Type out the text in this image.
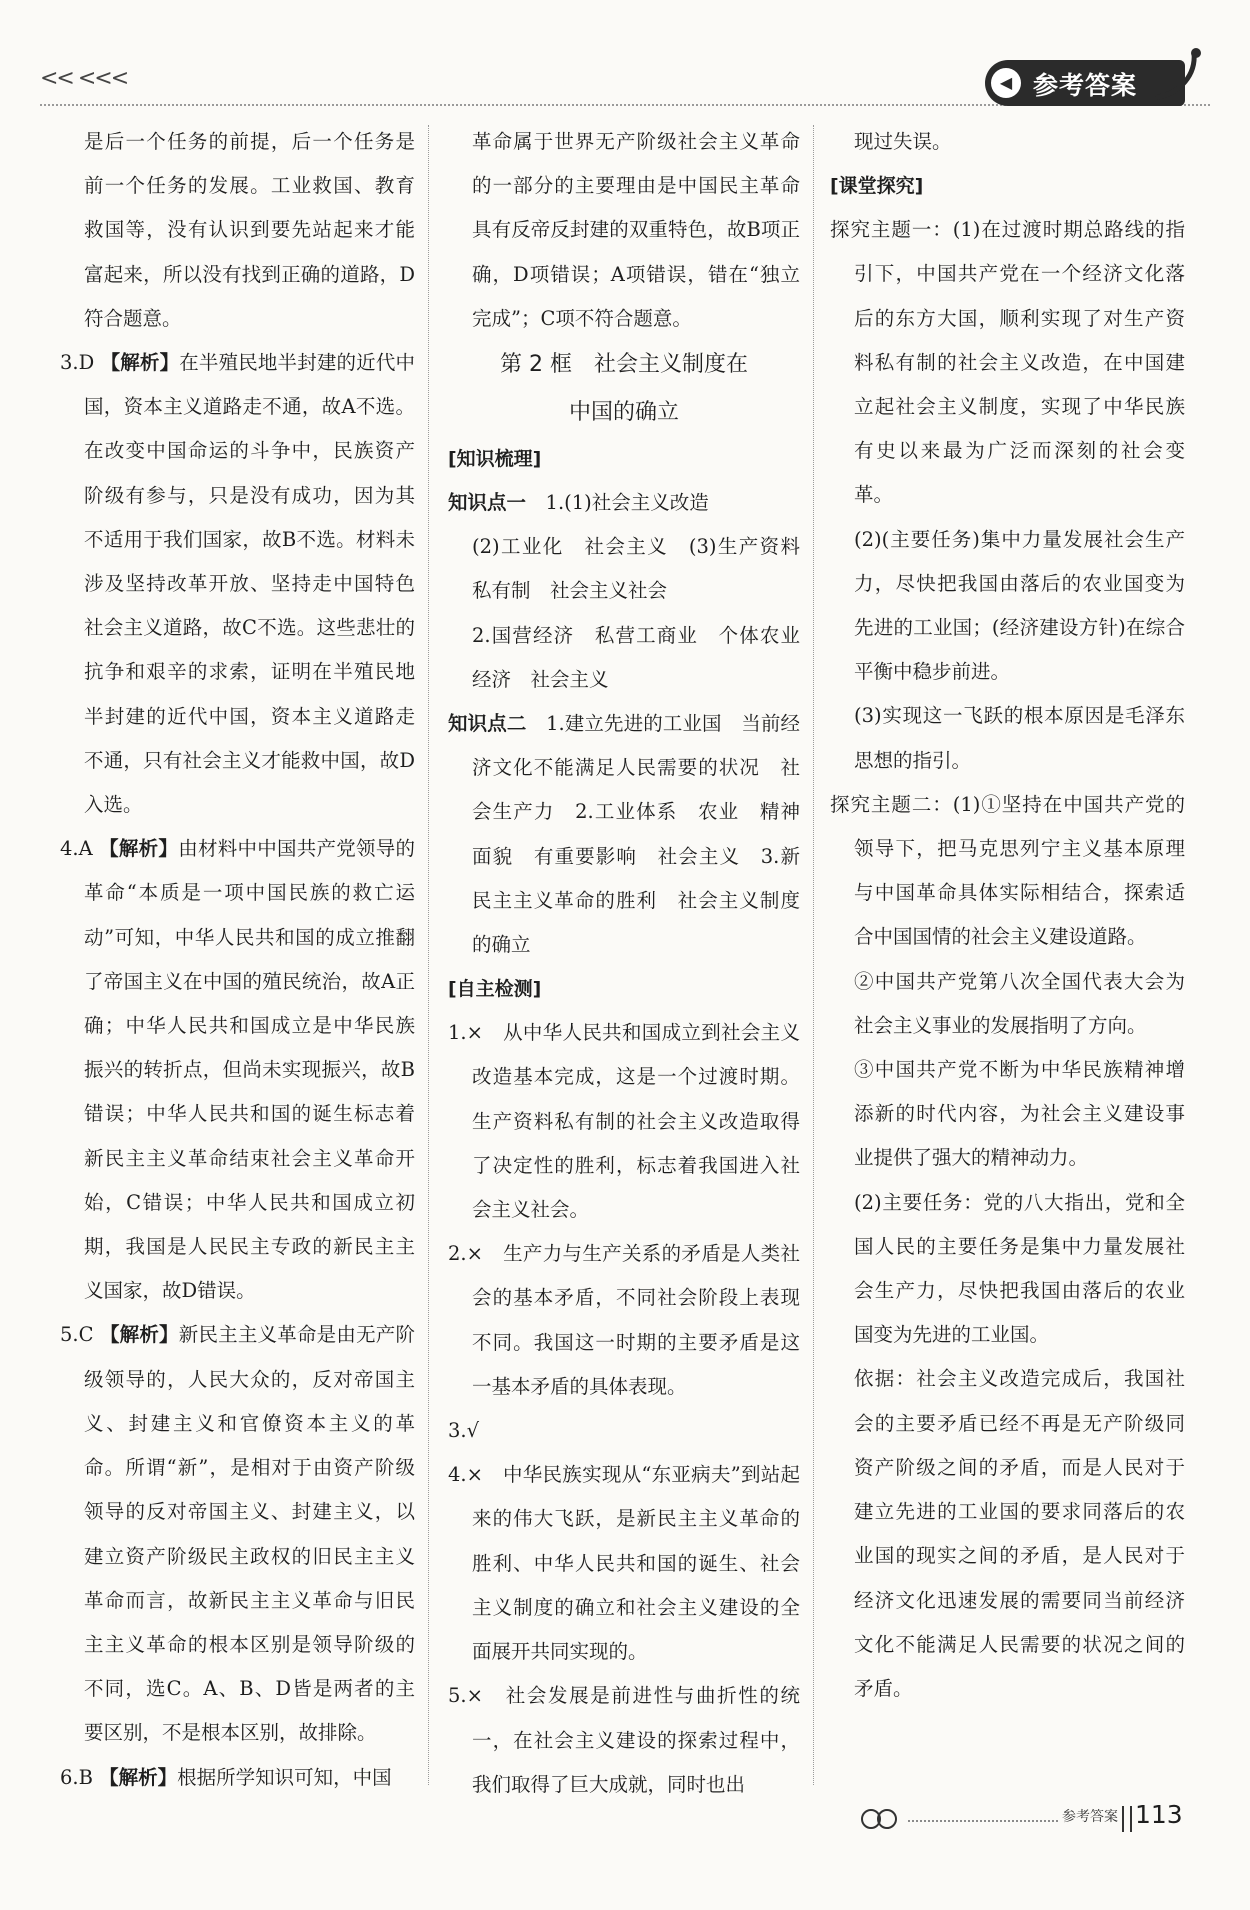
<< <<<	◀ 参考答案

是后一个任务的前提，后一个任务是前一个任务的发展。工业救国、教育救国等，没有认识到要先站起来才能富起来，所以没有找到正确的道路，D符合题意。

3.D 【解析】在半殖民地半封建的近代中国，资本主义道路走不通，故A不选。在改变中国命运的斗争中，民族资产阶级有参与，只是没有成功，因为其不适用于我们国家，故B不选。材料未涉及坚持改革开放、坚持走中国特色社会主义道路，故C不选。这些悲壮的抗争和艰辛的求索，证明在半殖民地半封建的近代中国，资本主义道路走不通，只有社会主义才能救中国，故D入选。

4.A 【解析】由材料中中国共产党领导的革命“本质是一项中国民族的救亡运动”可知，中华人民共和国的成立推翻了帝国主义在中国的殖民统治，故A正确；中华人民共和国成立是中华民族振兴的转折点，但尚未实现振兴，故B错误；中华人民共和国的诞生标志着新民主主义革命结束社会主义革命开始，C错误；中华人民共和国成立初期，我国是人民民主专政的新民主主义国家，故D错误。

5.C 【解析】新民主主义革命是由无产阶级领导的，人民大众的，反对帝国主义、封建主义和官僚资本主义的革命。所谓“新”，是相对于由资产阶级领导的反对帝国主义、封建主义，以建立资产阶级民主政权的旧民主主义革命而言，故新民主主义革命与旧民主主义革命的根本区别是领导阶级的不同，选C。A、B、D皆是两者的主要区别，不是根本区别，故排除。

6.B 【解析】根据所学知识可知，中国

革命属于世界无产阶级社会主义革命的一部分的主要理由是中国民主革命具有反帝反封建的双重特色，故B项正确，D项错误；A项错误，错在“独立完成”；C项不符合题意。

第 2 框　社会主义制度在

中国的确立

[知识梳理]

知识点一　 1.(1)社会主义改造

(2)工业化　社会主义　(3)生产资料私有制　社会主义社会

2.国营经济　私营工商业　个体农业经济　社会主义

知识点二　 1.建立先进的工业国　当前经济文化不能满足人民需要的状况　社会生产力　2.工业体系　农业　精神面貌　有重要影响　社会主义　3.新民主主义革命的胜利　社会主义制度的确立

[自主检测]

1.×　从中华人民共和国成立到社会主义改造基本完成，这是一个过渡时期。生产资料私有制的社会主义改造取得了决定性的胜利，标志着我国进入社会主义社会。

2.×　生产力与生产关系的矛盾是人类社会的基本矛盾，不同社会阶段上表现不同。我国这一时期的主要矛盾是这一基本矛盾的具体表现。

3.√

4.×　中华民族实现从“东亚病夫”到站起来的伟大飞跃，是新民主主义革命的胜利、中华人民共和国的诞生、社会主义制度的确立和社会主义建设的全面展开共同实现的。

5.×　社会发展是前进性与曲折性的统一，在社会主义建设的探索过程中，我们取得了巨大成就，同时也出

现过失误。

[课堂探究]

探究主题一：(1)在过渡时期总路线的指引下，中国共产党在一个经济文化落后的东方大国，顺利实现了对生产资料私有制的社会主义改造，在中国建立起社会主义制度，实现了中华民族有史以来最为广泛而深刻的社会变革。

(2)(主要任务)集中力量发展社会生产力，尽快把我国由落后的农业国变为先进的工业国；(经济建设方针)在综合平衡中稳步前进。

(3)实现这一飞跃的根本原因是毛泽东思想的指引。

探究主题二：(1)①坚持在中国共产党的领导下，把马克思列宁主义基本原理与中国革命具体实际相结合，探索适合中国国情的社会主义建设道路。

②中国共产党第八次全国代表大会为社会主义事业的发展指明了方向。

③中国共产党不断为中华民族精神增添新的时代内容，为社会主义建设事业提供了强大的精神动力。

(2)主要任务：党的八大指出，党和全国人民的主要任务是集中力量发展社会生产力，尽快把我国由落后的农业国变为先进的工业国。

依据：社会主义改造完成后，我国社会的主要矛盾已经不再是无产阶级同资产阶级之间的矛盾，而是人民对于建立先进的工业国的要求同落后的农业国的现实之间的矛盾，是人民对于经济文化迅速发展的需要同当前经济文化不能满足人民需要的状况之间的矛盾。

参考答案 113
